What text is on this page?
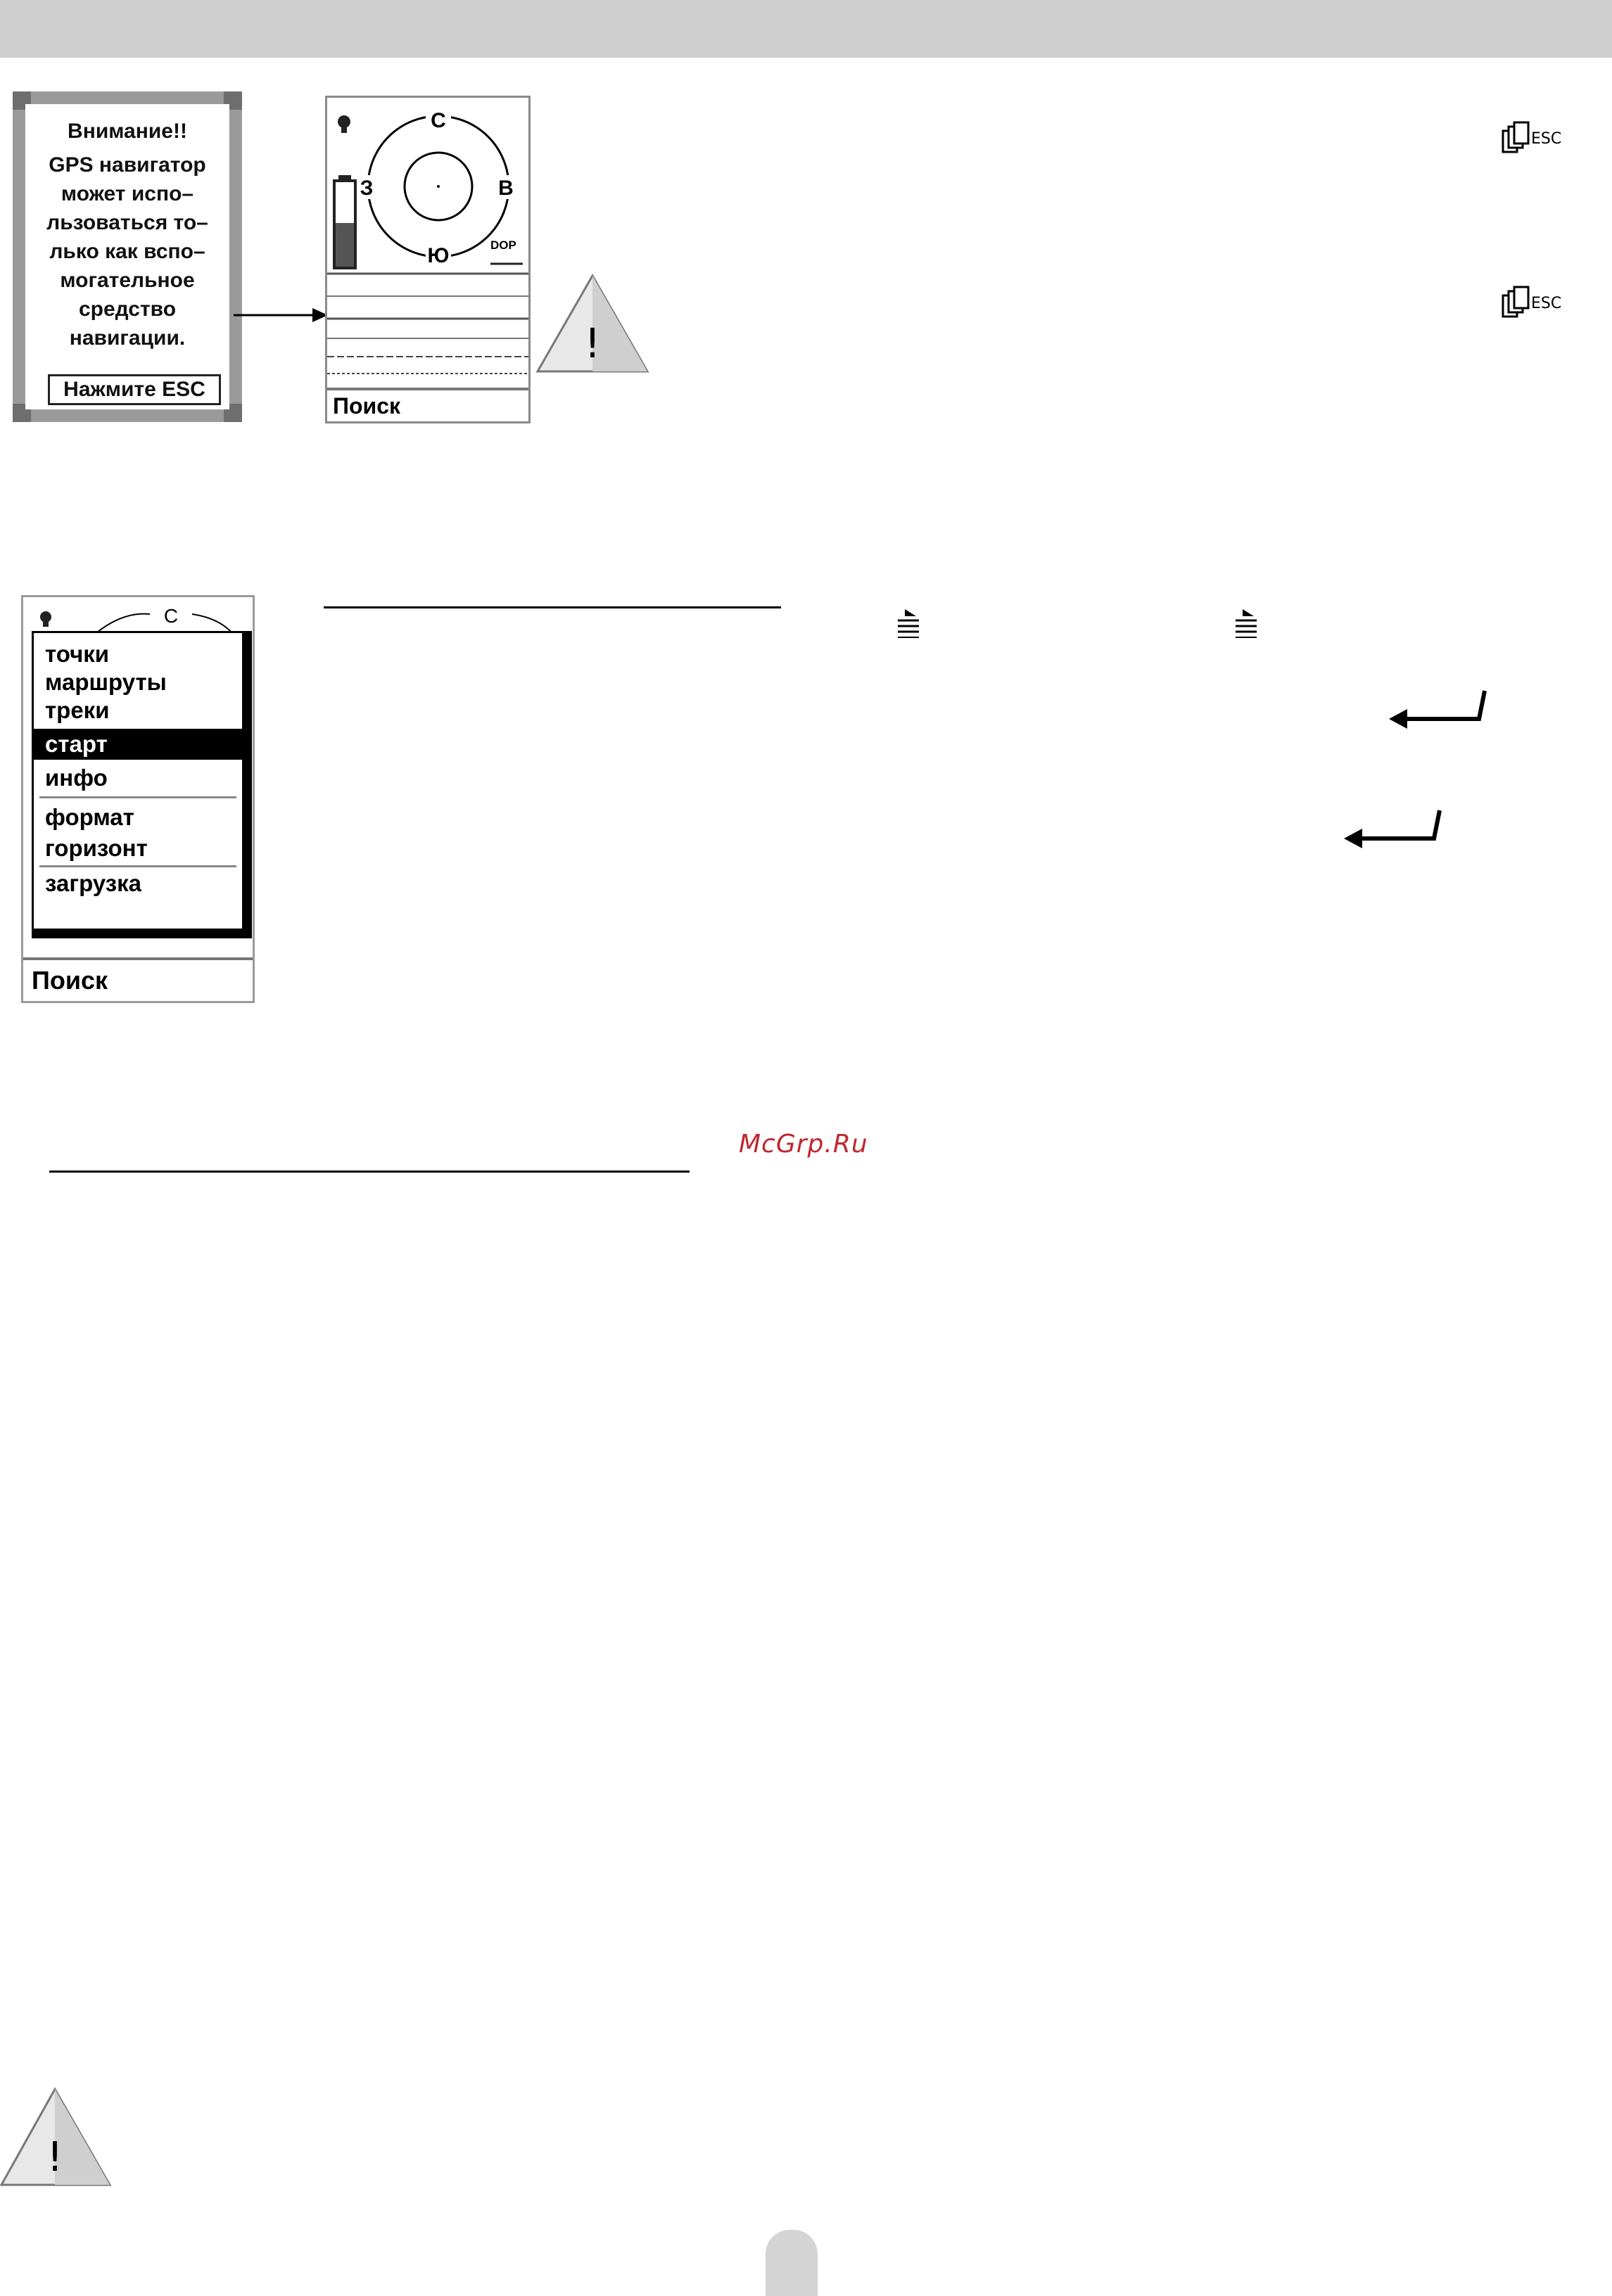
Внимание!!
GPS навигатор
может испо–
льзоваться то–
лько как вспо–
могательное
средство
навигации.
Нажмите ESC
С
В
Ю
З
DOP
Поиск
!
ESC
ESC
С
точки
маршруты
треки
старт
инфо
формат
горизонт
загрузка
Поиск
McGrp.Ru
!
